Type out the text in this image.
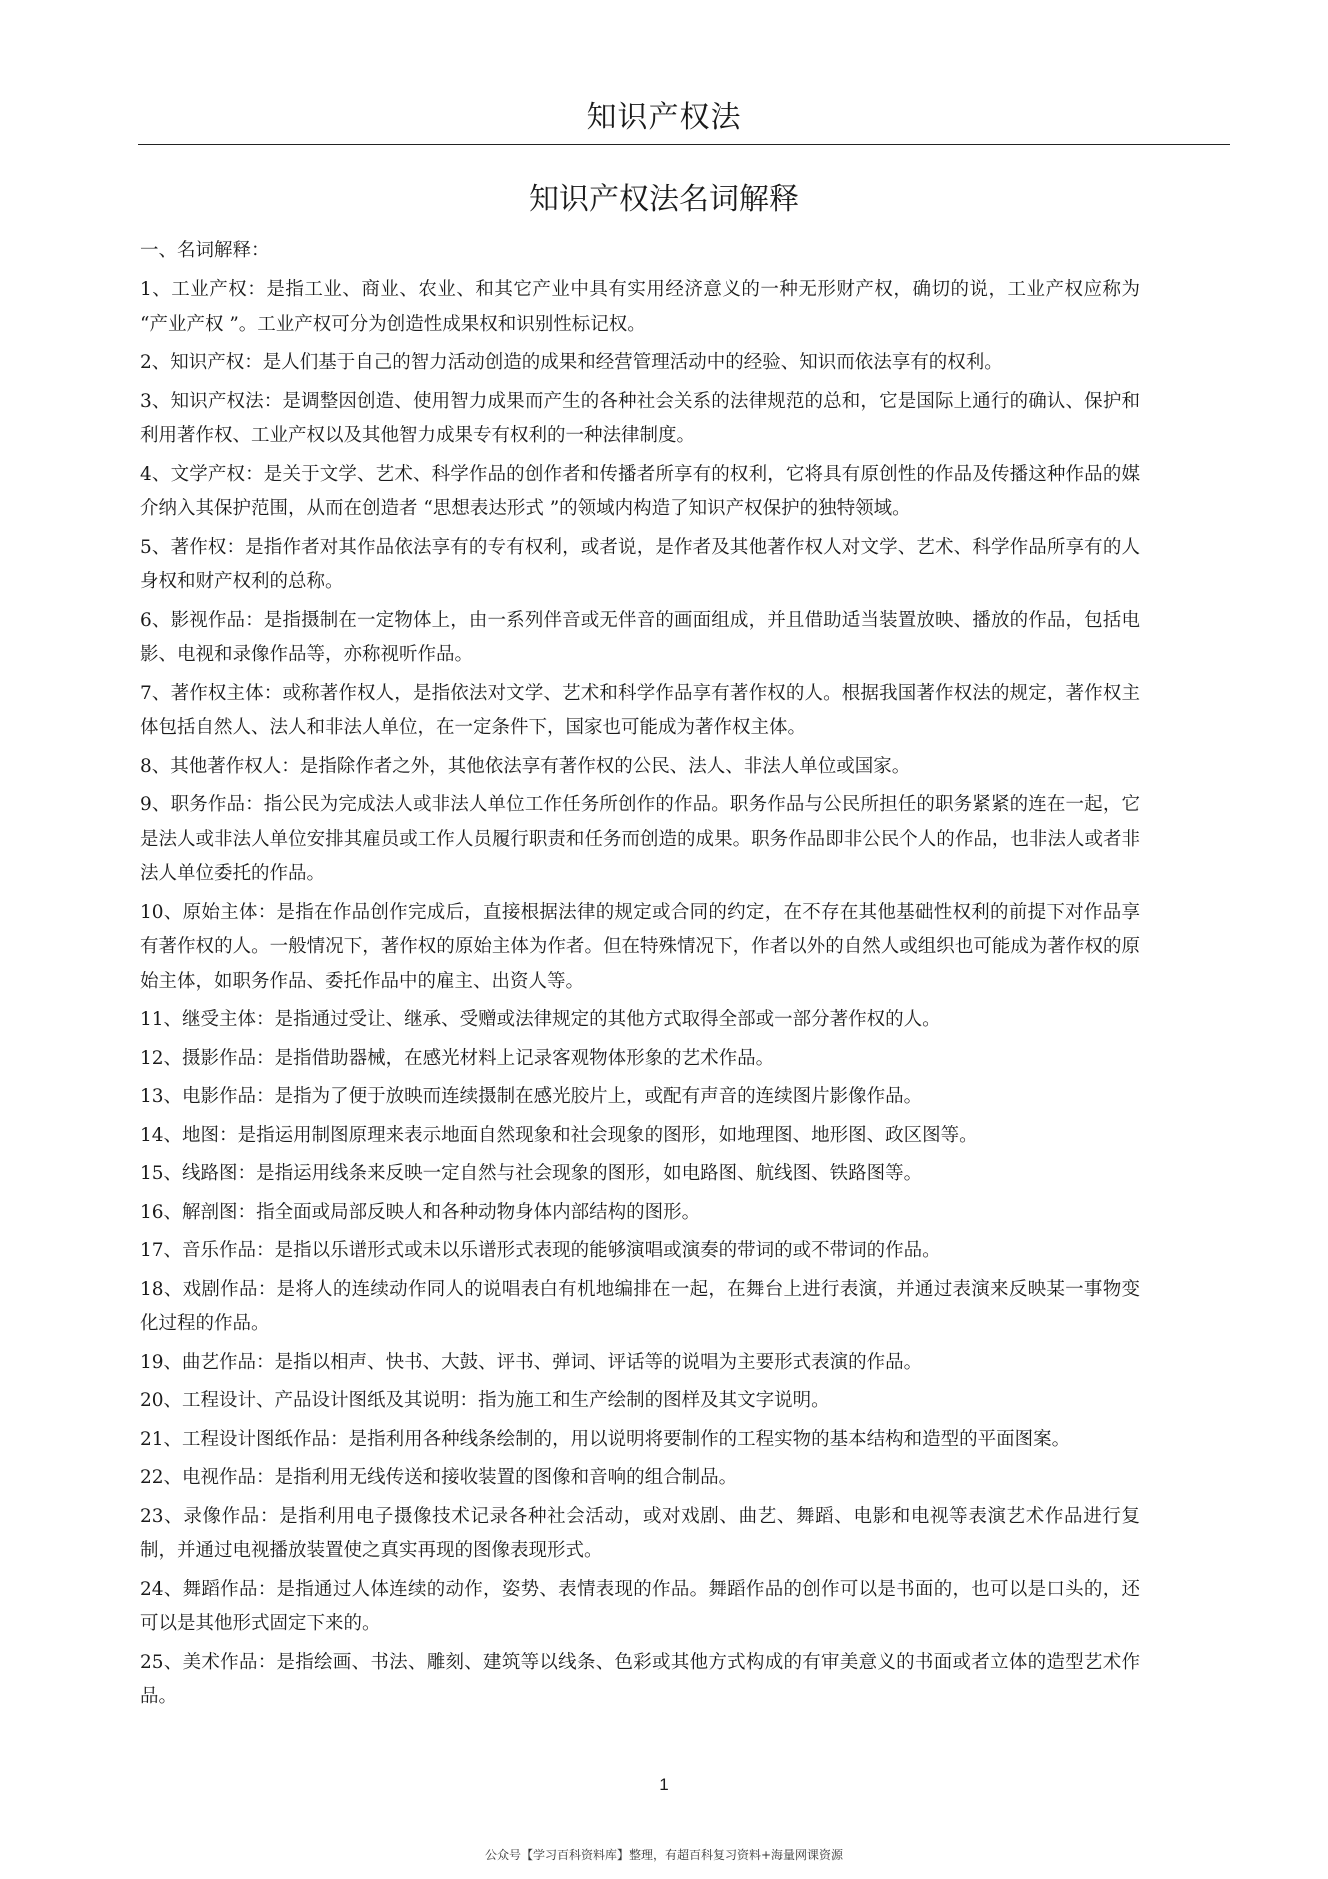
知识产权法
知识产权法名词解释
一、名词解释：
1、工业产权：是指工业、商业、农业、和其它产业中具有实用经济意义的一种无形财产权，确切的说，工业产权应称为 “产业产权 ”。工业产权可分为创造性成果权和识别性标记权。
2、知识产权：是人们基于自己的智力活动创造的成果和经营管理活动中的经验、知识而依法享有的权利。
3、知识产权法：是调整因创造、使用智力成果而产生的各种社会关系的法律规范的总和，它是国际上通行的确认、保护和利用著作权、工业产权以及其他智力成果专有权利的一种法律制度。
4、文学产权：是关于文学、艺术、科学作品的创作者和传播者所享有的权利，它将具有原创性的作品及传播这种作品的媒介纳入其保护范围，从而在创造者 “思想表达形式 ”的领域内构造了知识产权保护的独特领域。
5、著作权：是指作者对其作品依法享有的专有权利，或者说，是作者及其他著作权人对文学、艺术、科学作品所享有的人身权和财产权利的总称。
6、影视作品：是指摄制在一定物体上，由一系列伴音或无伴音的画面组成，并且借助适当装置放映、播放的作品，包括电影、电视和录像作品等，亦称视听作品。
7、著作权主体：或称著作权人，是指依法对文学、艺术和科学作品享有著作权的人。根据我国著作权法的规定，著作权主体包括自然人、法人和非法人单位，在一定条件下，国家也可能成为著作权主体。
8、其他著作权人：是指除作者之外，其他依法享有著作权的公民、法人、非法人单位或国家。
9、职务作品：指公民为完成法人或非法人单位工作任务所创作的作品。职务作品与公民所担任的职务紧紧的连在一起，它是法人或非法人单位安排其雇员或工作人员履行职责和任务而创造的成果。职务作品即非公民个人的作品，也非法人或者非法人单位委托的作品。
10、原始主体：是指在作品创作完成后，直接根据法律的规定或合同的约定，在不存在其他基础性权利的前提下对作品享有著作权的人。一般情况下，著作权的原始主体为作者。但在特殊情况下，作者以外的自然人或组织也可能成为著作权的原始主体，如职务作品、委托作品中的雇主、出资人等。
11、继受主体：是指通过受让、继承、受赠或法律规定的其他方式取得全部或一部分著作权的人。
12、摄影作品：是指借助器械，在感光材料上记录客观物体形象的艺术作品。
13、电影作品：是指为了便于放映而连续摄制在感光胶片上，或配有声音的连续图片影像作品。
14、地图：是指运用制图原理来表示地面自然现象和社会现象的图形，如地理图、地形图、政区图等。
15、线路图：是指运用线条来反映一定自然与社会现象的图形，如电路图、航线图、铁路图等。
16、解剖图：指全面或局部反映人和各种动物身体内部结构的图形。
17、音乐作品：是指以乐谱形式或未以乐谱形式表现的能够演唱或演奏的带词的或不带词的作品。
18、戏剧作品：是将人的连续动作同人的说唱表白有机地编排在一起，在舞台上进行表演，并通过表演来反映某一事物变化过程的作品。
19、曲艺作品：是指以相声、快书、大鼓、评书、弹词、评话等的说唱为主要形式表演的作品。
20、工程设计、产品设计图纸及其说明：指为施工和生产绘制的图样及其文字说明。
21、工程设计图纸作品：是指利用各种线条绘制的，用以说明将要制作的工程实物的基本结构和造型的平面图案。
22、电视作品：是指利用无线传送和接收装置的图像和音响的组合制品。
23、录像作品：是指利用电子摄像技术记录各种社会活动，或对戏剧、曲艺、舞蹈、电影和电视等表演艺术作品进行复制，并通过电视播放装置使之真实再现的图像表现形式。
24、舞蹈作品：是指通过人体连续的动作，姿势、表情表现的作品。舞蹈作品的创作可以是书面的，也可以是口头的，还可以是其他形式固定下来的。
25、美术作品：是指绘画、书法、雕刻、建筑等以线条、色彩或其他方式构成的有审美意义的书面或者立体的造型艺术作品。
1
公众号【学习百科资料库】整理，有超百科复习资料+海量网课资源
